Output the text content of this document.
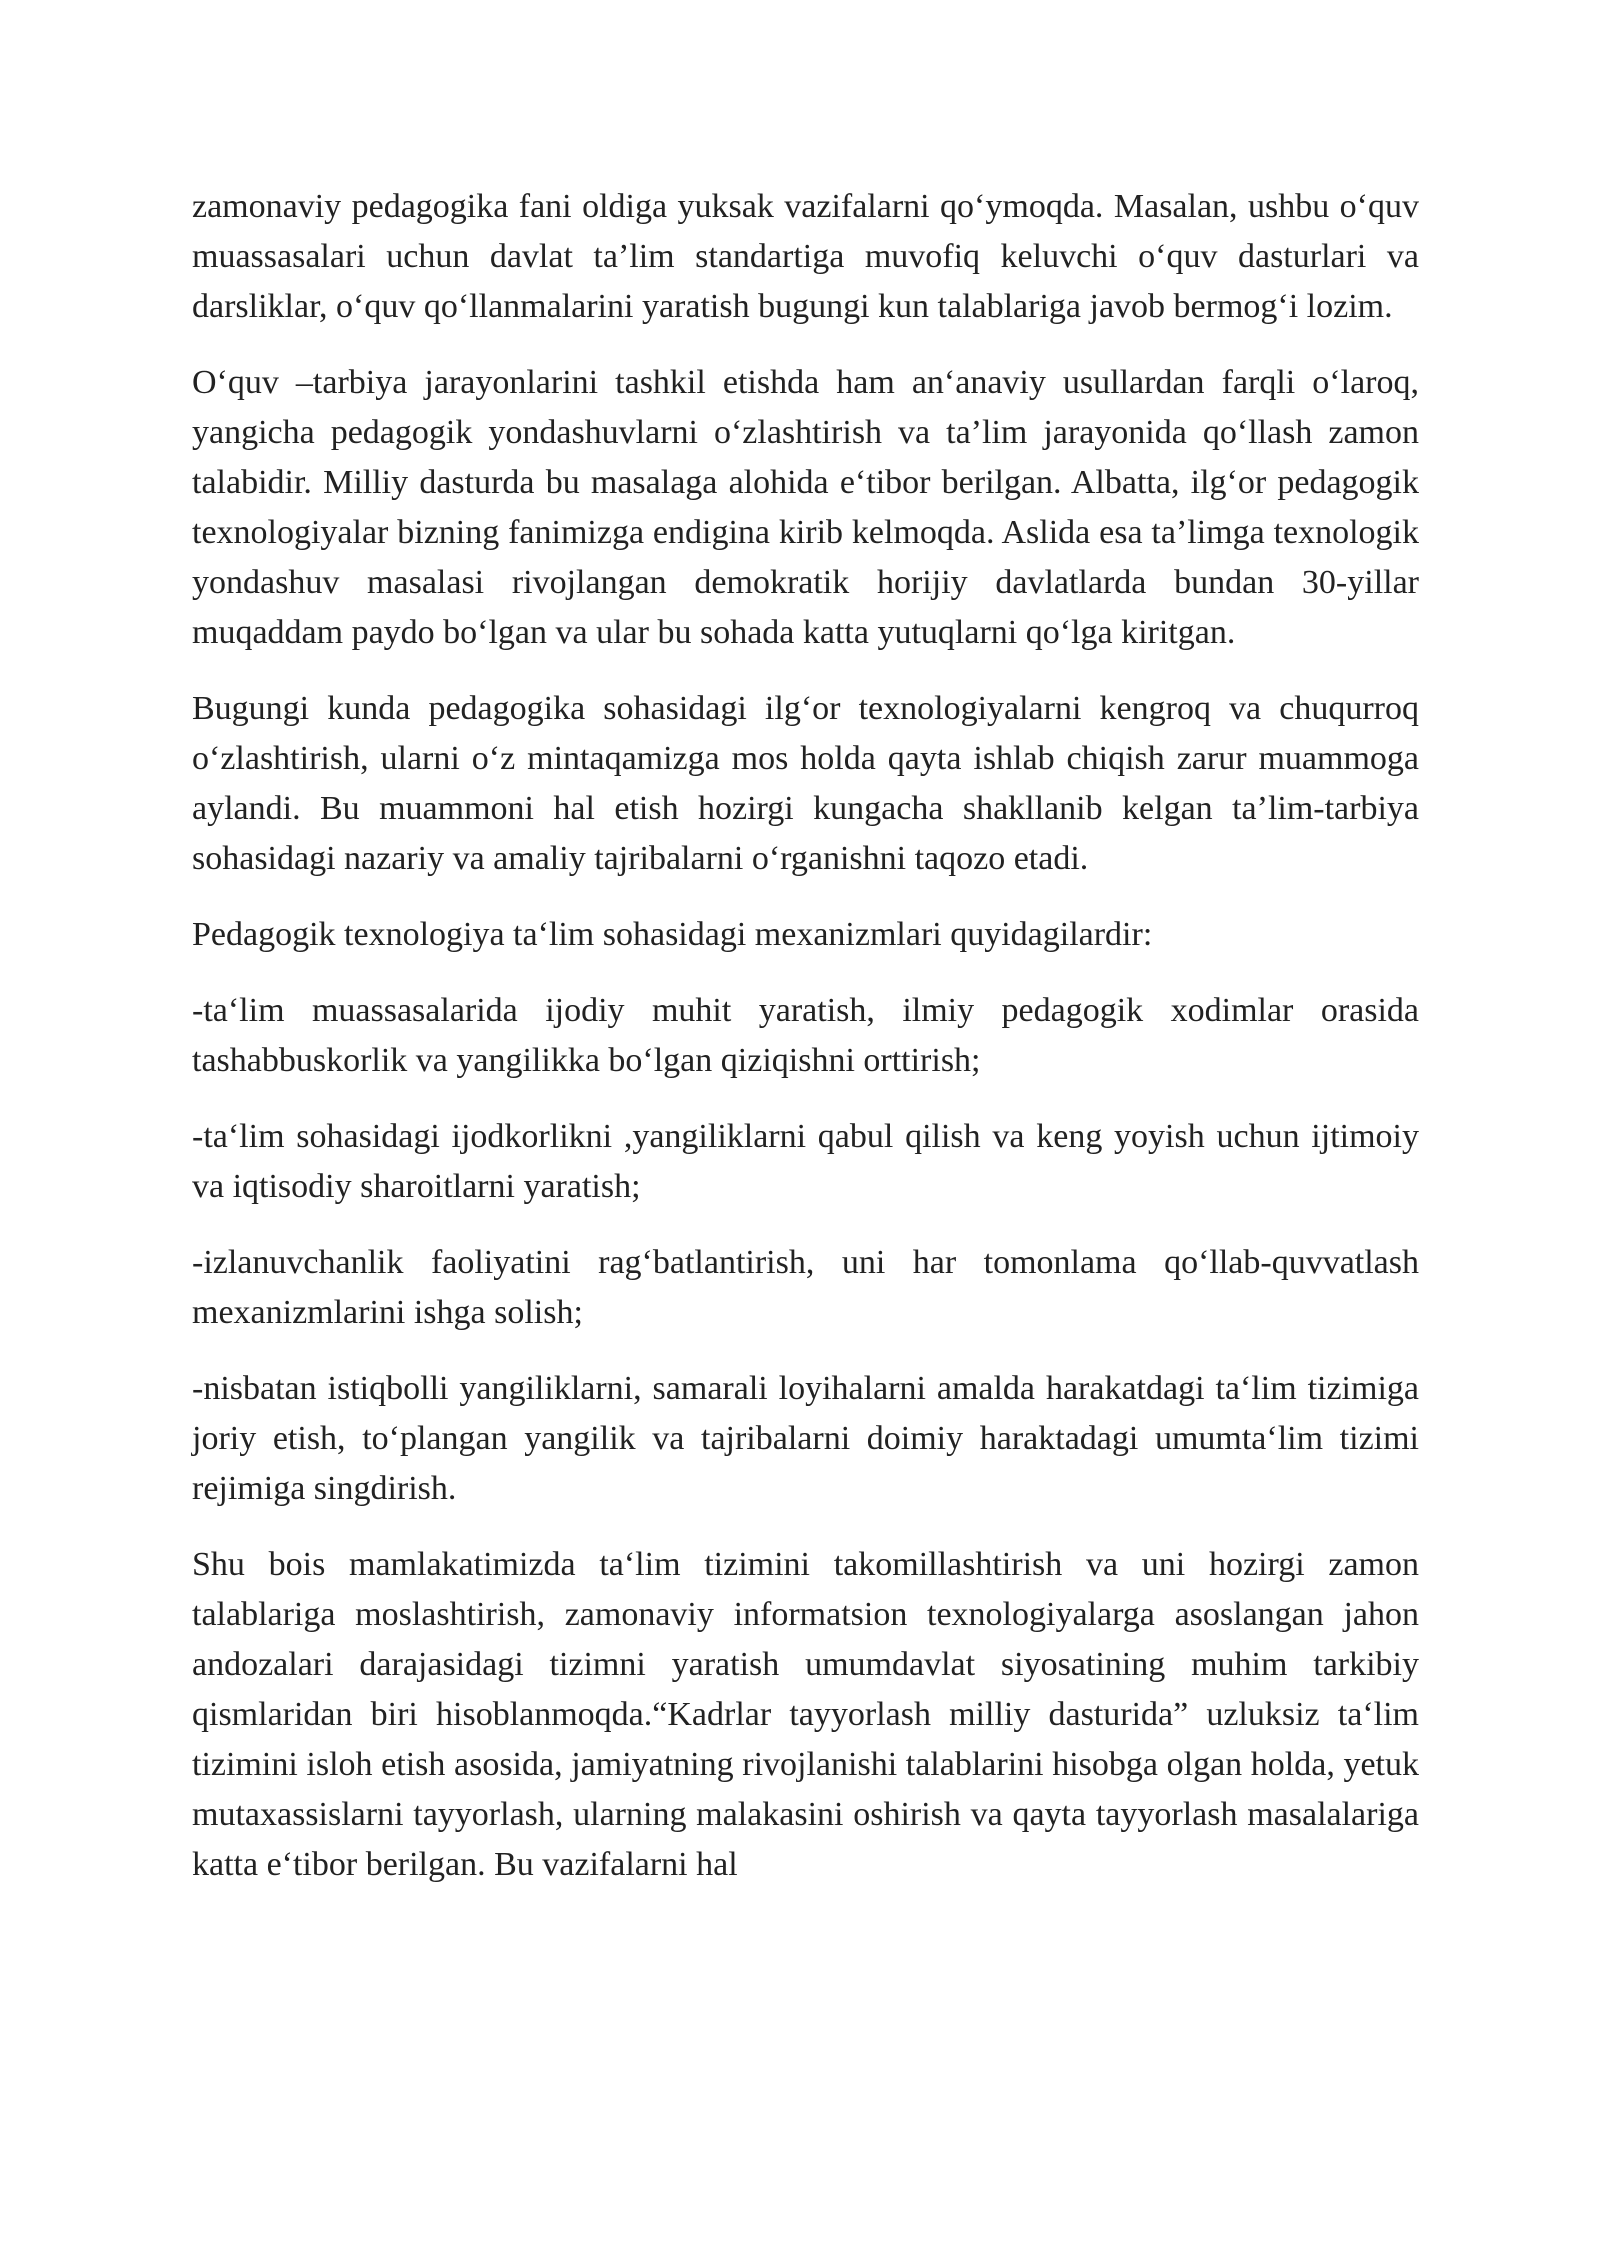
zamonaviy pedagogika fani oldiga yuksak vazifalarni qo‘ymoqda. Masalan, ushbu o‘quv muassasalari uchun davlat ta’lim standartiga muvofiq keluvchi o‘quv dasturlari va darsliklar, o‘quv qo‘llanmalarini yaratish bugungi kun talablariga javob bermog‘i lozim.

O‘quv –tarbiya jarayonlarini tashkil etishda ham an‘anaviy usullardan farqli o‘laroq, yangicha pedagogik yondashuvlarni o‘zlashtirish va ta’lim jarayonida qo‘llash zamon talabidir. Milliy dasturda bu masalaga alohida e‘tibor berilgan. Albatta, ilg‘or pedagogik texnologiyalar bizning fanimizga endigina kirib kelmoqda. Aslida esa ta’limga texnologik yondashuv masalasi rivojlangan demokratik horijiy davlatlarda bundan 30-yillar muqaddam paydo bo‘lgan va ular bu sohada katta yutuqlarni qo‘lga kiritgan.

Bugungi kunda pedagogika sohasidagi ilg‘or texnologiyalarni kengroq va chuqurroq o‘zlashtirish, ularni o‘z mintaqamizga mos holda qayta ishlab chiqish zarur muammoga aylandi. Bu muammoni hal etish hozirgi kungacha shakllanib kelgan ta’lim-tarbiya sohasidagi nazariy va amaliy tajribalarni o‘rganishni taqozo etadi.

Pedagogik texnologiya ta‘lim sohasidagi mexanizmlari quyidagilardir:

-ta‘lim muassasalarida ijodiy muhit yaratish, ilmiy pedagogik xodimlar orasida tashabbuskorlik va yangilikka bo‘lgan qiziqishni orttirish;

-ta‘lim sohasidagi ijodkorlikni ,yangiliklarni qabul qilish va keng yoyish uchun ijtimoiy va iqtisodiy sharoitlarni yaratish;

-izlanuvchanlik faoliyatini rag‘batlantirish, uni har tomonlama qo‘llab-quvvatlash mexanizmlarini ishga solish;

-nisbatan istiqbolli yangiliklarni, samarali loyihalarni amalda harakatdagi ta‘lim tizimiga joriy etish, to‘plangan yangilik va tajribalarni doimiy haraktadagi umumta‘lim tizimi rejimiga singdirish.

Shu bois mamlakatimizda ta‘lim tizimini takomillashtirish va uni hozirgi zamon talablariga moslashtirish, zamonaviy informatsion texnologiyalarga asoslangan jahon andozalari darajasidagi tizimni yaratish umumdavlat siyosatining muhim tarkibiy qismlaridan biri hisoblanmoqda.“Kadrlar tayyorlash milliy dasturida” uzluksiz ta‘lim tizimini isloh etish asosida, jamiyatning rivojlanishi talablarini hisobga olgan holda, yetuk mutaxassislarni tayyorlash, ularning malakasini oshirish va qayta tayyorlash masalalariga katta e‘tibor berilgan. Bu vazifalarni hal
